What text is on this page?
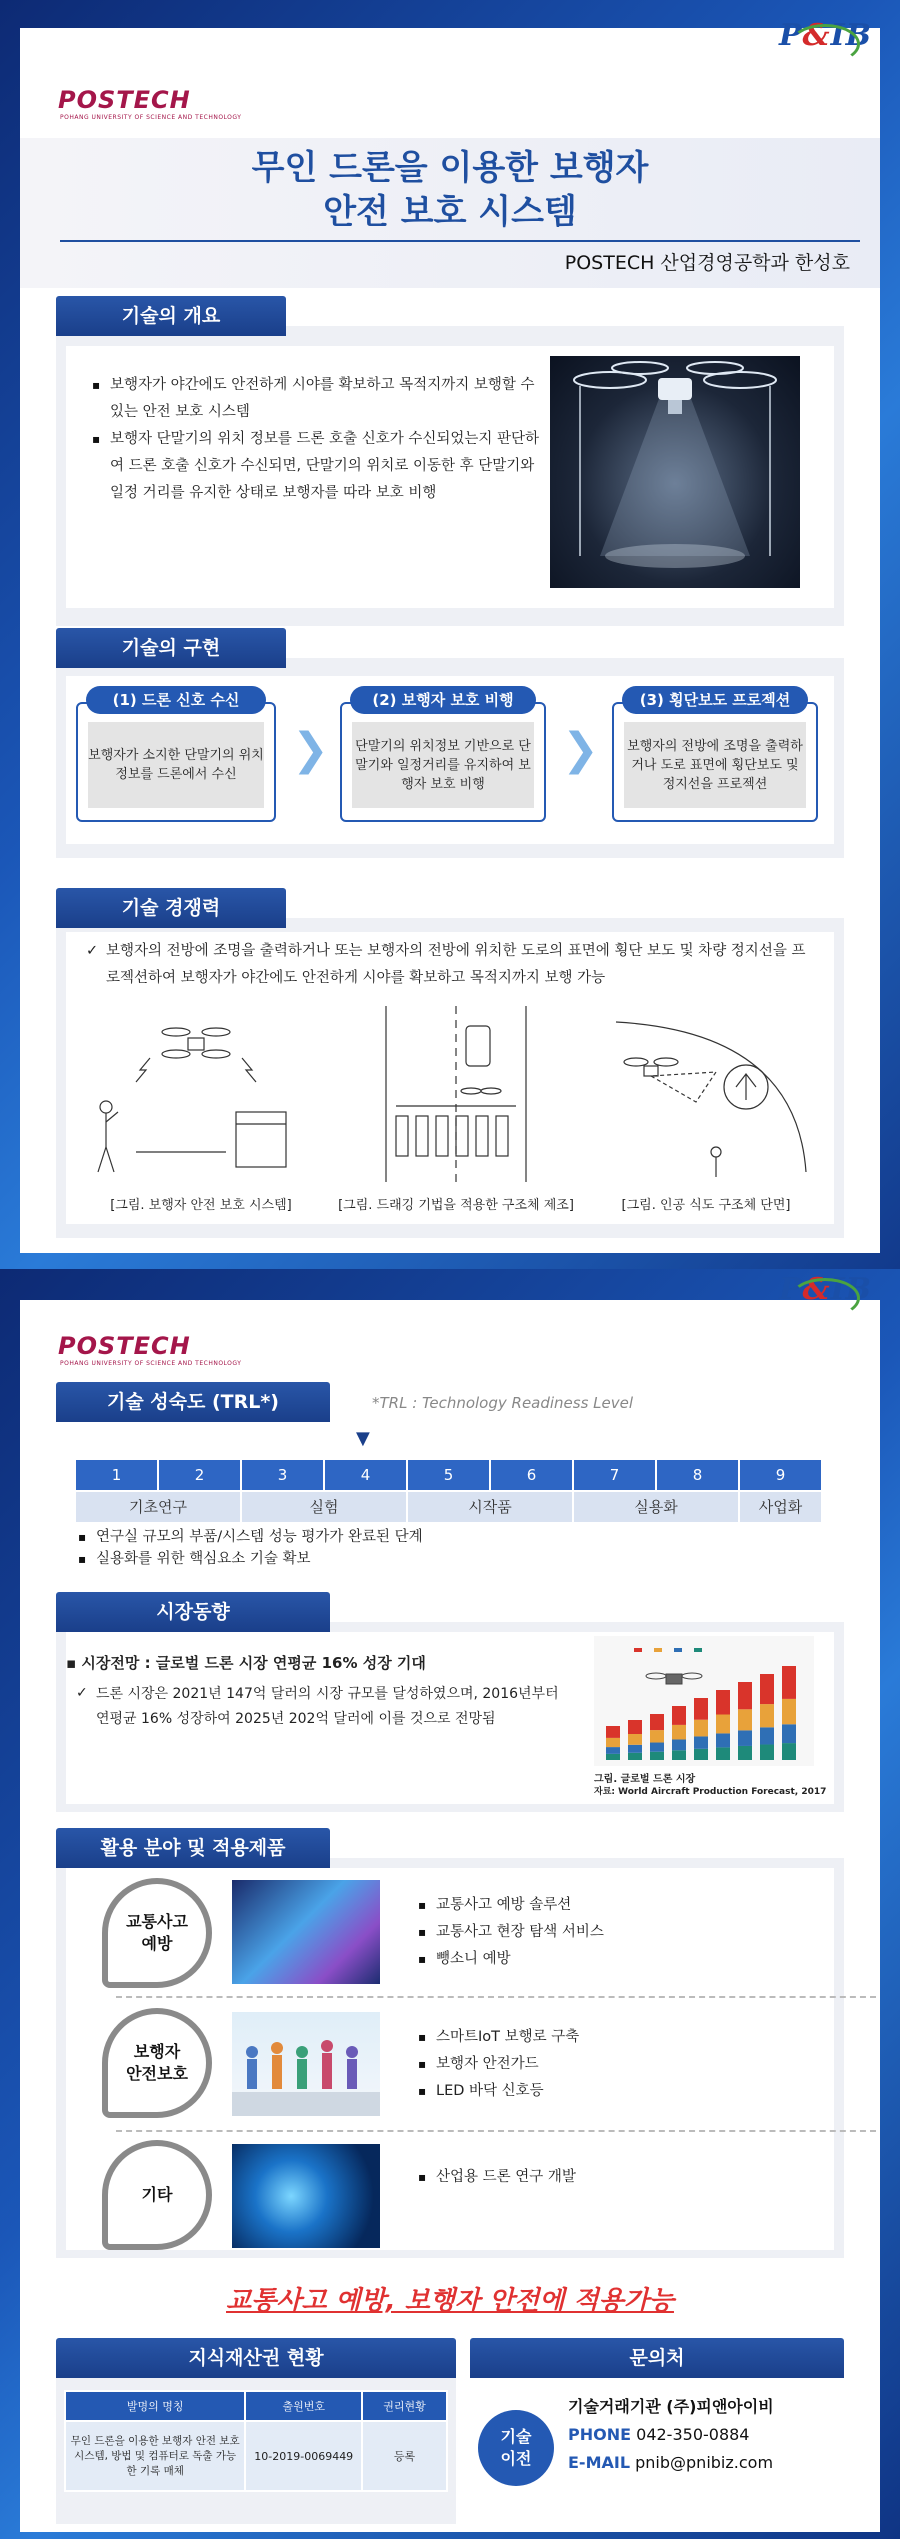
POSTECH
POHANG UNIVERSITY OF SCIENCE AND TECHNOLOGY
무인 드론을 이용한 보행자
안전 보호 시스템
POSTECH 산업경영공학과 한성호
기술의 개요
▪ 보행자가 야간에도 안전하게 시야를 확보하고 목적지까지 보행할 수 있는 안전 보호 시스템
▪ 보행자 단말기의 위치 정보를 드론 호출 신호가 수신되었는지 판단하여 드론 호출 신호가 수신되면, 단말기의 위치로 이동한 후 단말기와 일정 거리를 유지한 상태로 보행자를 따라 보호 비행
기술의 구현
(1) 드론 신호 수신
보행자가 소지한 단말기의 위치정보를 드론에서 수신	❯
(2) 보행자 보호 비행
단말기의 위치정보 기반으로 단말기와 일정거리를 유지하여 보행자 보호 비행
❯
(3) 횡단보도 프로젝션
보행자의 전방에 조명을 출력하거나 도로 표면에 횡단보도 및 정지선을 프로젝션
기술 경쟁력
✓ 보행자의 전방에 조명을 출력하거나 또는 보행자의 전방에 위치한 도로의 표면에 횡단 보도 및 차량 정지선을 프로젝션하여 보행자가 야간에도 안전하게 시야를 확보하고 목적지까지 보행 가능
[그림. 보행자 안전 보호 시스템]	[그림. 드래깅 기법을 적용한 구조체 제조]	[그림. 인공 식도 구조체 단면]
P&IB
POSTECH
POHANG UNIVERSITY OF SCIENCE AND TECHNOLOGY
기술 성숙도 (TRL*)	*TRL : Technology Readiness Level
▼
▪ 연구실 규모의 부품/시스템 성능 평가가 완료된 단계
▪ 실용화를 위한 핵심요소 기술 확보
시장동향
▪ 시장전망 : 글로벌 드론 시장 연평균 16% 성장 기대
✓ 드론 시장은 2021년 147억 달러의 시장 규모를 달성하였으며, 2016년부터 연평균 16% 성장하여 2025년 202억 달러에 이를 것으로 전망됨
그림. 글로벌 드론 시장
자료: World Aircraft Production Forecast, 2017
활용 분야 및 적용제품
교통사고
예방
▪ 교통사고 예방 솔루션
▪ 교통사고 현장 탐색 서비스
▪ 뺑소니 예방
보행자
안전보호
▪ 스마트IoT 보행로 구축
▪ 보행자 안전가드
▪ LED 바닥 신호등
기타
▪ 산업용 드론 연구 개발
교통사고 예방, 보행자 안전에 적용가능
지식재산권 현황
발명의 명칭	출원번호	권리현황
무인 드론을 이용한 보행자 안전 보호 시스템, 방법 및 컴퓨터로 독출 가능한 기록 매체	10-2019-0069449	등록
문의처
기술
이전
기술거래기관 (주)피앤아이비
PHONE 042-350-0884
E-MAIL pnib@pnibiz.com
1	2	3	4	5	6	7	8	9
기초연구	실험	시작품	실용화	사업화
P&IB
